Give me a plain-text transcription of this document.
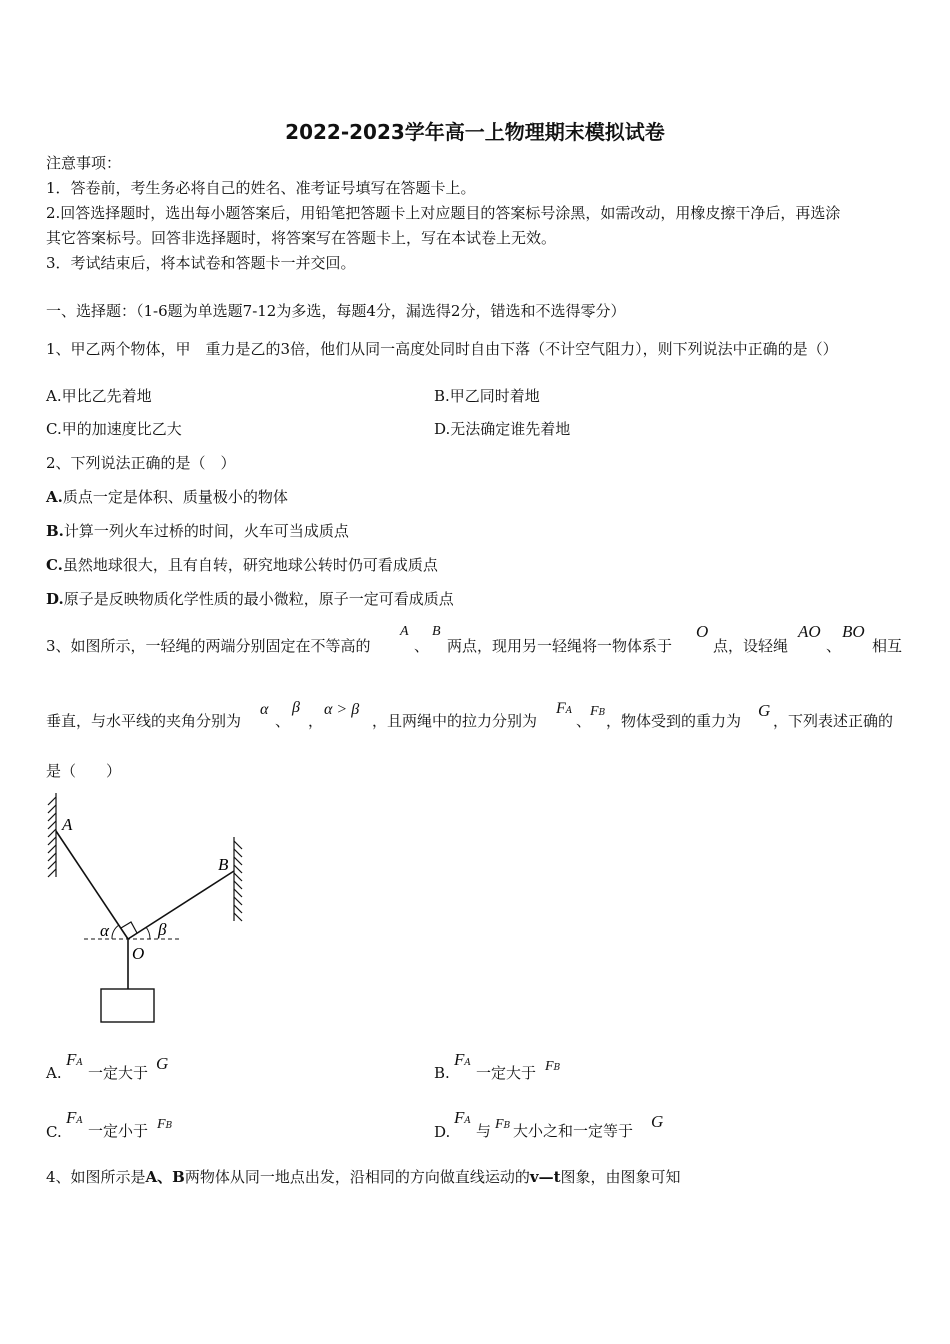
2022-2023学年高一上物理期末模拟试卷
注意事项：
1．答卷前，考生务必将自己的姓名、准考证号填写在答题卡上。
2.回答选择题时，选出每小题答案后，用铅笔把答题卡上对应题目的答案标号涂黑，如需改动，用橡皮擦干净后，再选涂
其它答案标号。回答非选择题时，将答案写在答题卡上，写在本试卷上无效。
3．考试结束后，将本试卷和答题卡一并交回。
一、选择题：（1-6题为单选题7-12为多选，每题4分，漏选得2分，错选和不选得零分）
1、甲乙两个物体，甲　重力是乙的3倍，他们从同一高度处同时自由下落（不计空气阻力），则下列说法中正确的是（）
A.甲比乙先着地	B.甲乙同时着地
C.甲的加速度比乙大	D.无法确定谁先着地
2、下列说法正确的是（　）
A.质点一定是体积、质量极小的物体
B.计算一列火车过桥的时间，火车可当成质点
C.虽然地球很大，且有自转，研究地球公转时仍可看成质点
D.原子是反映物质化学性质的最小微粒，原子一定可看成质点
3、如图所示，一轻绳的两端分别固定在不等高的
A
、
B
两点，现用另一轻绳将一物体系于
O
点，设轻绳
AO
、
BO
相互
垂直，与水平线的夹角分别为
α
、
β
，
α > β
，且两绳中的拉力分别为
FA
、
FB ，物体受到的重力为
G
，下列表述正确的
是（　　）
A
B
O
α	β
A.
FA
一定大于 G	B.
FA
一定大于 FB
C.
FA
一定小于 FB	D.
FA
与 FB 大小之和一定等于 G
4、如图所示是A、B两物体从同一地点出发，沿相同的方向做直线运动的v—t图象，由图象可知
